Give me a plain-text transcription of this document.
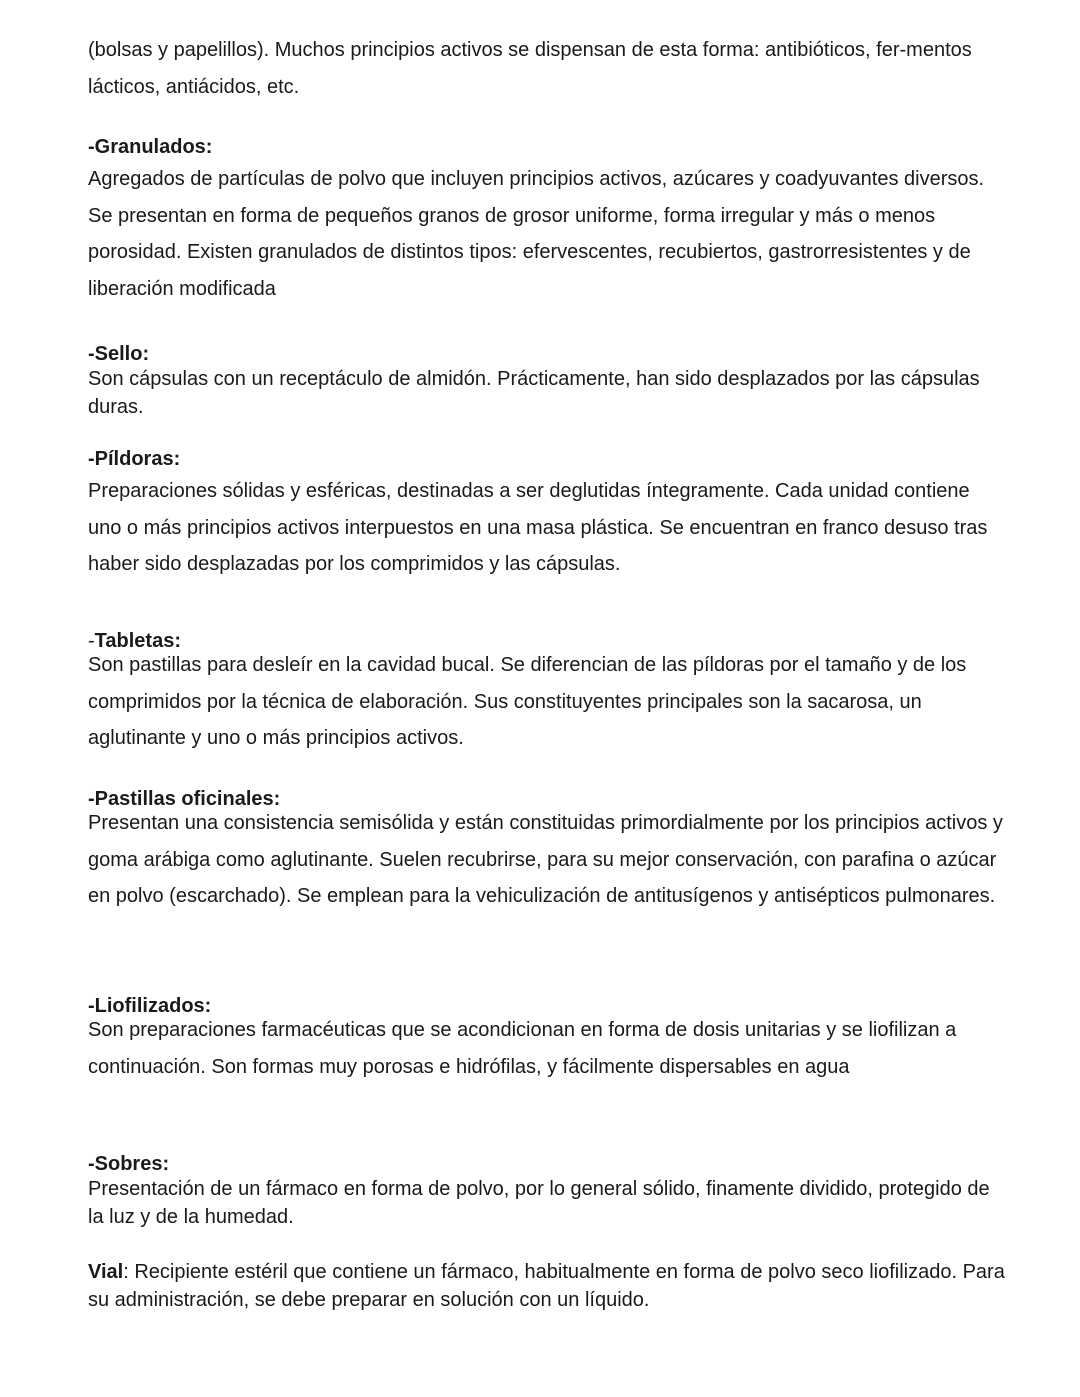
(bolsas y papelillos). Muchos principios activos se dispensan de esta forma: antibióticos, fer-mentos lácticos, antiácidos, etc.

-Granulados:

Agregados de partículas de polvo que incluyen principios activos, azúcares y coadyuvantes diversos. Se presentan en forma de pequeños granos de grosor uniforme, forma irregular y más o menos porosidad. Existen granulados de distintos tipos: efervescentes, recubiertos, gastrorresistentes y de liberación modificada

-Sello:

Son cápsulas con un receptáculo de almidón. Prácticamente, han sido desplazados por las cápsulas duras.

-Píldoras:

Preparaciones sólidas y esféricas, destinadas a ser deglutidas íntegramente. Cada unidad contiene uno o más principios activos interpuestos en una masa plástica. Se encuentran en franco desuso tras haber sido desplazadas por los comprimidos y las cápsulas.

-Tabletas:

Son pastillas para desleír en la cavidad bucal. Se diferencian de las píldoras por el tamaño y de los comprimidos por la técnica de elaboración. Sus constituyentes principales son la sacarosa, un aglutinante y uno o más principios activos.

-Pastillas oficinales:

Presentan una consistencia semisólida y están constituidas primordialmente por los principios activos y goma arábiga como aglutinante. Suelen recubrirse, para su mejor conservación, con parafina o azúcar en polvo (escarchado). Se emplean para la vehiculización de antitusígenos y antisépticos pulmonares.

-Liofilizados:

Son preparaciones farmacéuticas que se acondicionan en forma de dosis unitarias y se liofilizan a continuación. Son formas muy porosas e hidrófilas, y fácilmente dispersables en agua

-Sobres:

Presentación de un fármaco en forma de polvo, por lo general sólido, finamente dividido, protegido de la luz y de la humedad.

Vial: Recipiente estéril que contiene un fármaco, habitualmente en forma de polvo seco liofilizado. Para su administración, se debe preparar en solución con un líquido.
